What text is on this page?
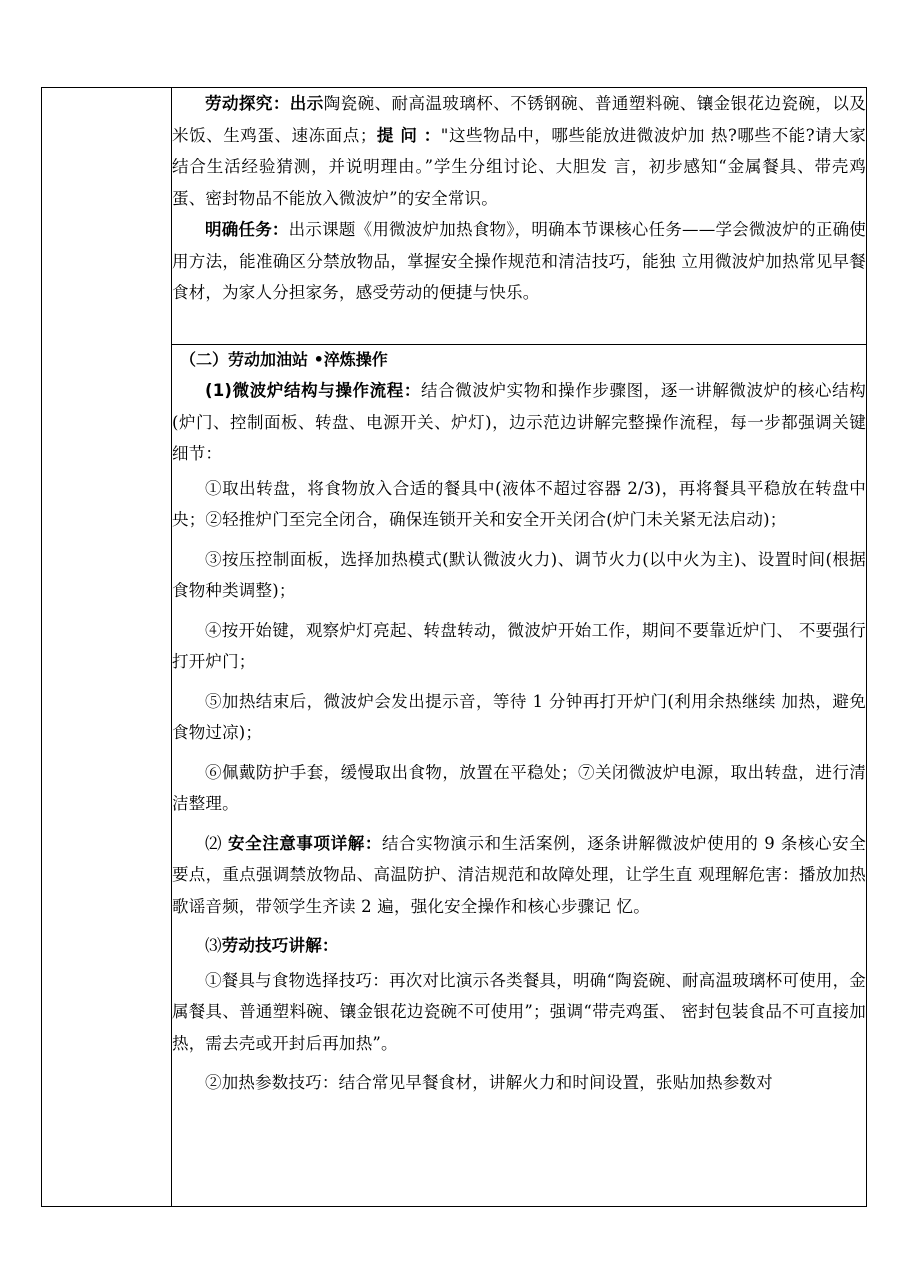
劳动探究：出示陶瓷碗、耐高温玻璃杯、不锈钢碗、普通塑料碗、镶金银花边瓷碗，以及米饭、生鸡蛋、速冻面点；提 问 ："这些物品中，哪些能放进微波炉加 热?哪些不能?请大家结合生活经验猜测，并说明理由。”学生分组讨论、大胆发 言，初步感知“金属餐具、带壳鸡蛋、密封物品不能放入微波炉”的安全常识。

明确任务：出示课题《用微波炉加热食物》，明确本节课核心任务——学会微波炉的正确使用方法，能准确区分禁放物品，掌握安全操作规范和清洁技巧，能独 立用微波炉加热常见早餐食材，为家人分担家务，感受劳动的便捷与快乐。

（二）劳动加油站 •淬炼操作

(1)微波炉结构与操作流程：结合微波炉实物和操作步骤图，逐一讲解微波炉的核心结构(炉门、控制面板、转盘、电源开关、炉灯)，边示范边讲解完整操作流程，每一步都强调关键细节：

①取出转盘，将食物放入合适的餐具中(液体不超过容器 2/3)，再将餐具平稳放在转盘中央；②轻推炉门至完全闭合，确保连锁开关和安全开关闭合(炉门未关紧无法启动)；

③按压控制面板，选择加热模式(默认微波火力)、调节火力(以中火为主)、设置时间(根据食物种类调整)；

④按开始键，观察炉灯亮起、转盘转动，微波炉开始工作，期间不要靠近炉门、 不要强行打开炉门；

⑤加热结束后，微波炉会发出提示音，等待 1 分钟再打开炉门(利用余热继续 加热，避免食物过凉)；

⑥佩戴防护手套，缓慢取出食物，放置在平稳处；⑦关闭微波炉电源，取出转盘，进行清洁整理。

⑵ 安全注意事项详解：结合实物演示和生活案例，逐条讲解微波炉使用的 9 条核心安全要点，重点强调禁放物品、高温防护、清洁规范和故障处理，让学生直 观理解危害：播放加热歌谣音频，带领学生齐读 2 遍，强化安全操作和核心步骤记 忆。

⑶劳动技巧讲解：

①餐具与食物选择技巧：再次对比演示各类餐具，明确“陶瓷碗、耐高温玻璃杯可使用，金属餐具、普通塑料碗、镶金银花边瓷碗不可使用”；强调“带壳鸡蛋、 密封包装食品不可直接加热，需去壳或开封后再加热”。

②加热参数技巧：结合常见早餐食材，讲解火力和时间设置，张贴加热参数对
